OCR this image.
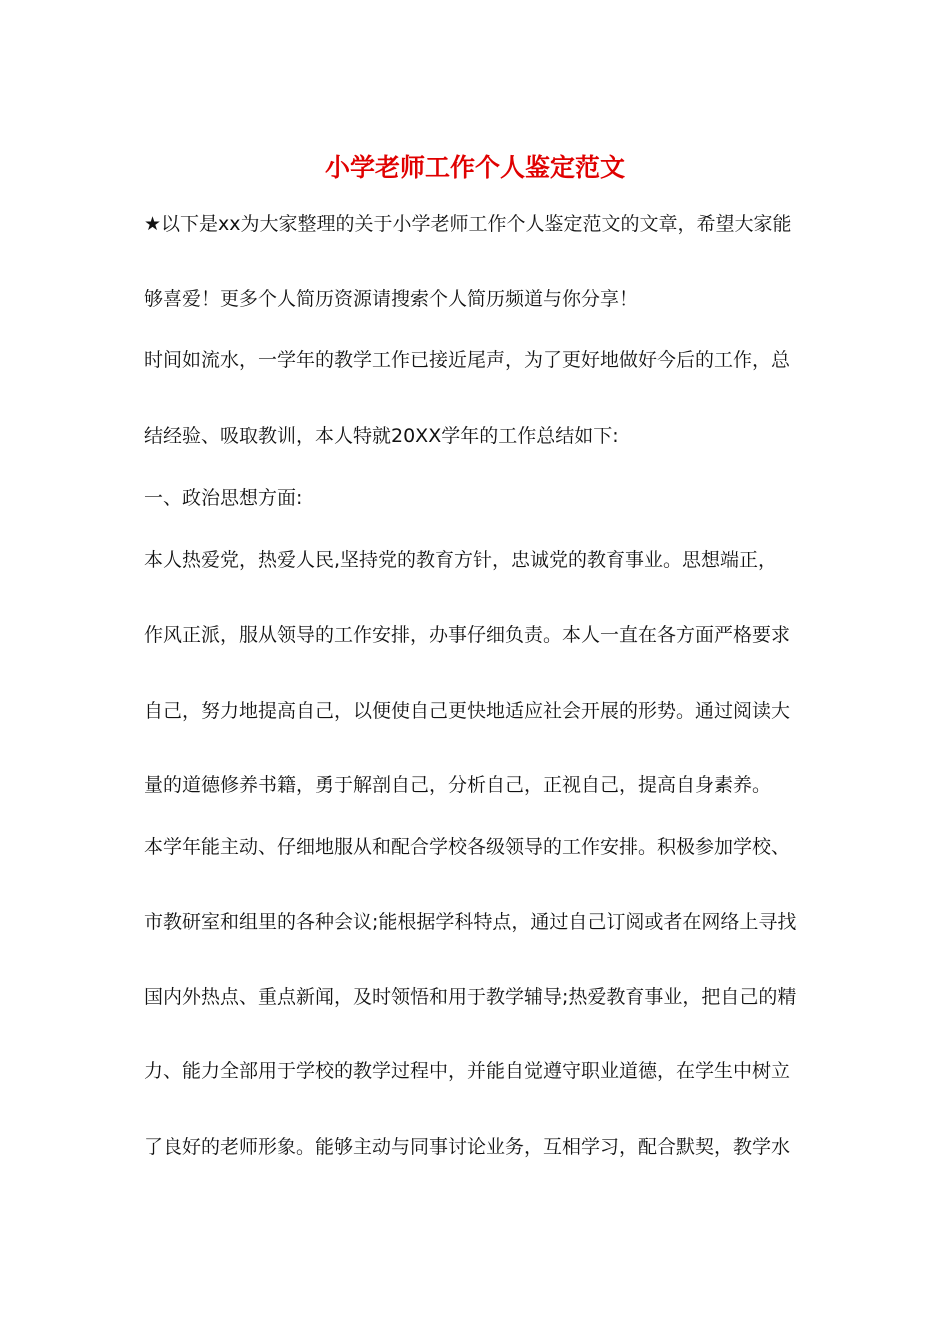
小学老师工作个人鉴定范文

★以下是xx为大家整理的关于小学老师工作个人鉴定范文的文章，希望大家能

够喜爱！更多个人简历资源请搜索个人简历频道与你分享！

时间如流水，一学年的教学工作已接近尾声，为了更好地做好今后的工作，总

结经验、吸取教训，本人特就20XX学年的工作总结如下:

一、政治思想方面:

本人热爱党，热爱人民,坚持党的教育方针，忠诚党的教育事业。思想端正，

作风正派，服从领导的工作安排，办事仔细负责。本人一直在各方面严格要求

自己，努力地提高自己，以便使自己更快地适应社会开展的形势。通过阅读大

量的道德修养书籍，勇于解剖自己，分析自己，正视自己，提高自身素养。

本学年能主动、仔细地服从和配合学校各级领导的工作安排。积极参加学校、

市教研室和组里的各种会议;能根据学科特点，通过自己订阅或者在网络上寻找

国内外热点、重点新闻，及时领悟和用于教学辅导;热爱教育事业，把自己的精

力、能力全部用于学校的教学过程中，并能自觉遵守职业道德，在学生中树立

了良好的老师形象。能够主动与同事讨论业务，互相学习，配合默契，教学水
